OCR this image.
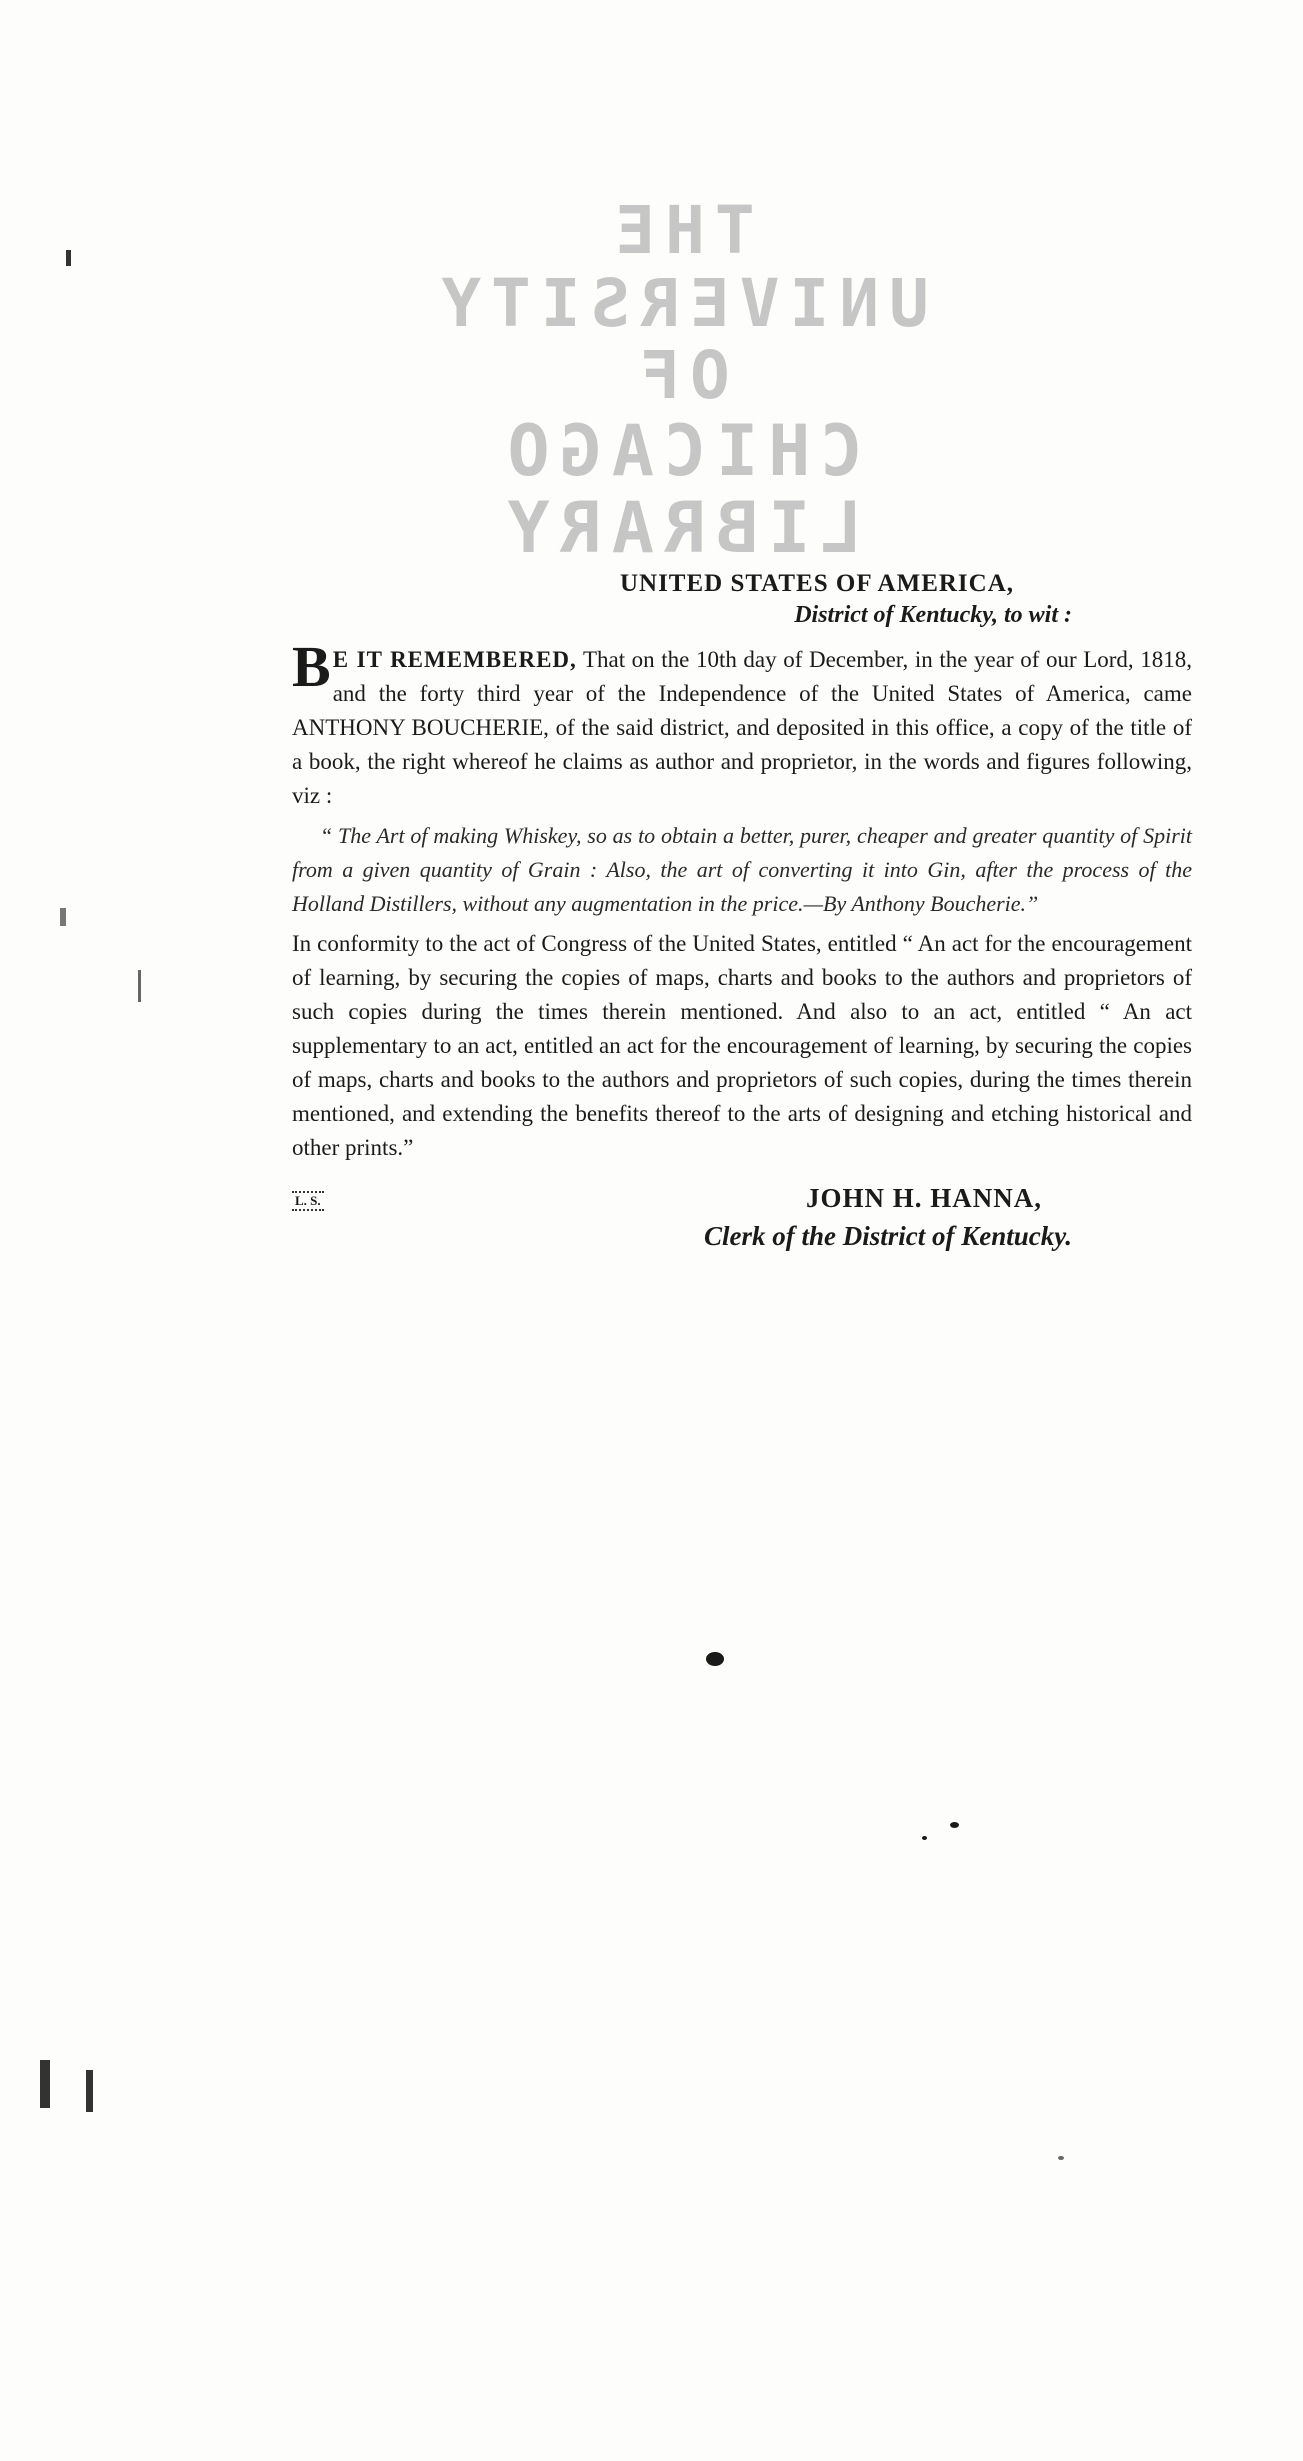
THE
UNIVERSITY
OF
CHICAGO LIBRARY
UNITED STATES OF AMERICA,
District of Kentucky, to wit :
B E IT REMEMBERED, That on the 10th day of December, in the year of our Lord, 1818, and the forty third year of the Independence of the United States of America, came ANTHONY BOUCHERIE, of the said district, and deposited in this office, a copy of the title of a book, the right whereof he claims as author and proprietor, in the words and figures following, viz :
“ The Art of making Whiskey, so as to obtain a better, purer, cheaper and greater quantity of Spirit from a given quantity of Grain : Also, the art of converting it into Gin, after the process of the Holland Distillers, without any augmentation in the price.—By Anthony Boucherie.”
In conformity to the act of Congress of the United States, entitled “ An act for the encouragement of learning, by securing the copies of maps, charts and books to the authors and proprietors of such copies during the times therein mentioned. And also to an act, entitled “ An act supplementary to an act, entitled an act for the encouragement of learning, by securing the copies of maps, charts and books to the authors and proprietors of such copies, during the times therein mentioned, and extending the benefits thereof to the arts of designing and etching historical and other prints.”
L. S.	JOHN H. HANNA,
Clerk of the District of Kentucky.
